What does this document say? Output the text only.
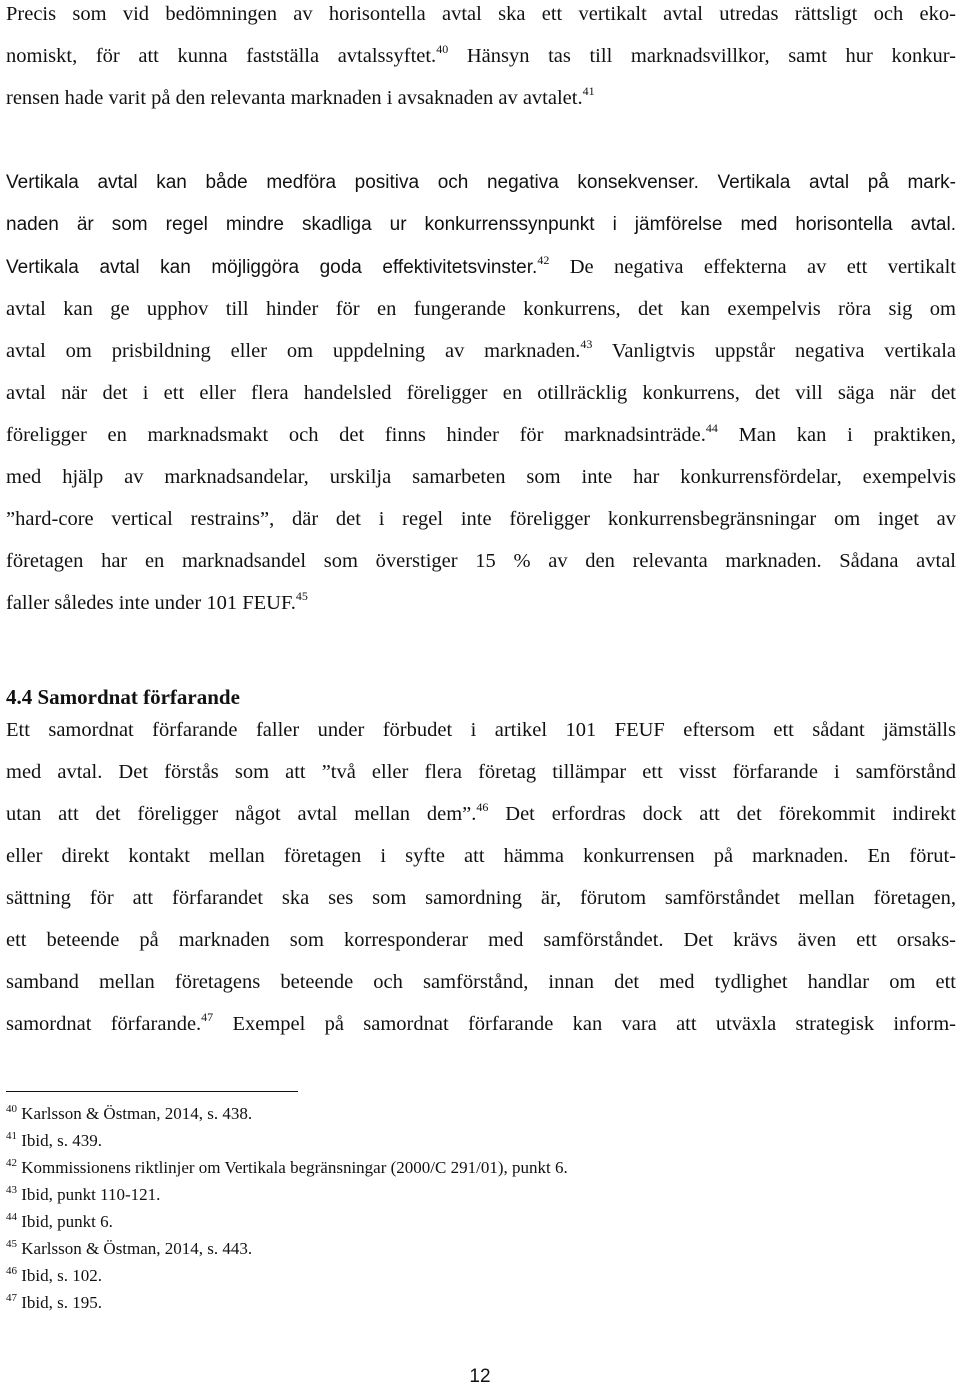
Precis som vid bedömningen av horisontella avtal ska ett vertikalt avtal utredas rättsligt och eko-
nomiskt, för att kunna fastställa avtalssyftet.$^{40}$ Hänsyn tas till marknadsvillkor, samt hur konkur-
rensen hade varit på den relevanta marknaden i avsaknaden av avtalet.$^{41}$
Vertikala avtal kan både medföra positiva och negativa konsekvenser. Vertikala avtal på mark-
naden är som regel mindre skadliga ur konkurrenssynpunkt i jämförelse med horisontella avtal.
Vertikala avtal kan möjliggöra goda effektivitetsvinster.$^{42}$ De negativa effekterna av ett vertikalt
avtal kan ge upphov till hinder för en fungerande konkurrens, det kan exempelvis röra sig om
avtal om prisbildning eller om uppdelning av marknaden.$^{43}$ Vanligtvis uppstår negativa vertikala
avtal när det i ett eller flera handelsled föreligger en otillräcklig konkurrens, det vill säga när det
föreligger en marknadsmakt och det finns hinder för marknadsinträde.$^{44}$ Man kan i praktiken,
med hjälp av marknadsandelar, urskilja samarbeten som inte har konkurrensfördelar, exempelvis
”hard-core vertical restrains”, där det i regel inte föreligger konkurrensbegränsningar om inget av
företagen har en marknadsandel som överstiger 15 % av den relevanta marknaden. Sådana avtal
faller således inte under 101 FEUF.$^{45}$
4.4 Samordnat förfarande
Ett samordnat förfarande faller under förbudet i artikel 101 FEUF eftersom ett sådant jämställs
med avtal. Det förstås som att ”två eller flera företag tillämpar ett visst förfarande i samförstånd
utan att det föreligger något avtal mellan dem”.$^{46}$ Det erfordras dock att det förekommit indirekt
eller direkt kontakt mellan företagen i syfte att hämma konkurrensen på marknaden. En förut-
sättning för att förfarandet ska ses som samordning är, förutom samförståndet mellan företagen,
ett beteende på marknaden som korresponderar med samförståndet. Det krävs även ett orsaks-
samband mellan företagens beteende och samförstånd, innan det med tydlighet handlar om ett
samordnat förfarande.$^{47}$ Exempel på samordnat förfarande kan vara att utväxla strategisk inform-
$^{40}$ Karlsson & Östman, 2014, s. 438.
$^{41}$ Ibid, s. 439.
$^{42}$ Kommissionens riktlinjer om Vertikala begränsningar (2000/C 291/01), punkt 6.
$^{43}$ Ibid, punkt 110-121.
$^{44}$ Ibid, punkt 6.
$^{45}$ Karlsson & Östman, 2014, s. 443.
$^{46}$ Ibid, s. 102.
$^{47}$ Ibid, s. 195.
12
